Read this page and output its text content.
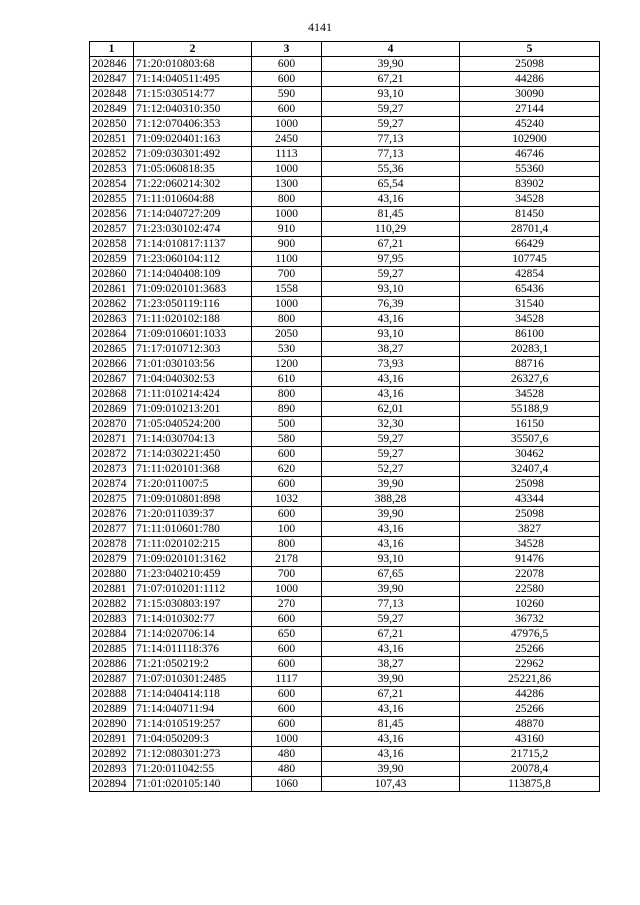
4141
1	2	3	4	5
202846	71:20:010803:68	600	39,90	25098
202847	71:14:040511:495	600	67,21	44286
202848	71:15:030514:77	590	93,10	30090
202849	71:12:040310:350	600	59,27	27144
202850	71:12:070406:353	1000	59,27	45240
202851	71:09:020401:163	2450	77,13	102900
202852	71:09:030301:492	1113	77,13	46746
202853	71:05:060818:35	1000	55,36	55360
202854	71:22:060214:302	1300	65,54	83902
202855	71:11:010604:88	800	43,16	34528
202856	71:14:040727:209	1000	81,45	81450
202857	71:23:030102:474	910	110,29	28701,4
202858	71:14:010817:1137	900	67,21	66429
202859	71:23:060104:112	1100	97,95	107745
202860	71:14:040408:109	700	59,27	42854
202861	71:09:020101:3683	1558	93,10	65436
202862	71:23:050119:116	1000	76,39	31540
202863	71:11:020102:188	800	43,16	34528
202864	71:09:010601:1033	2050	93,10	86100
202865	71:17:010712:303	530	38,27	20283,1
202866	71:01:030103:56	1200	73,93	88716
202867	71:04:040302:53	610	43,16	26327,6
202868	71:11:010214:424	800	43,16	34528
202869	71:09:010213:201	890	62,01	55188,9
202870	71:05:040524:200	500	32,30	16150
202871	71:14:030704:13	580	59,27	35507,6
202872	71:14:030221:450	600	59,27	30462
202873	71:11:020101:368	620	52,27	32407,4
202874	71:20:011007:5	600	39,90	25098
202875	71:09:010801:898	1032	388,28	43344
202876	71:20:011039:37	600	39,90	25098
202877	71:11:010601:780	100	43,16	3827
202878	71:11:020102:215	800	43,16	34528
202879	71:09:020101:3162	2178	93,10	91476
202880	71:23:040210:459	700	67,65	22078
202881	71:07:010201:1112	1000	39,90	22580
202882	71:15:030803:197	270	77,13	10260
202883	71:14:010302:77	600	59,27	36732
202884	71:14:020706:14	650	67,21	47976,5
202885	71:14:011118:376	600	43,16	25266
202886	71:21:050219:2	600	38,27	22962
202887	71:07:010301:2485	1117	39,90	25221,86
202888	71:14:040414:118	600	67,21	44286
202889	71:14:040711:94	600	43,16	25266
202890	71:14:010519:257	600	81,45	48870
202891	71:04:050209:3	1000	43,16	43160
202892	71:12:080301:273	480	43,16	21715,2
202893	71:20:011042:55	480	39,90	20078,4
202894	71:01:020105:140	1060	107,43	113875,8
